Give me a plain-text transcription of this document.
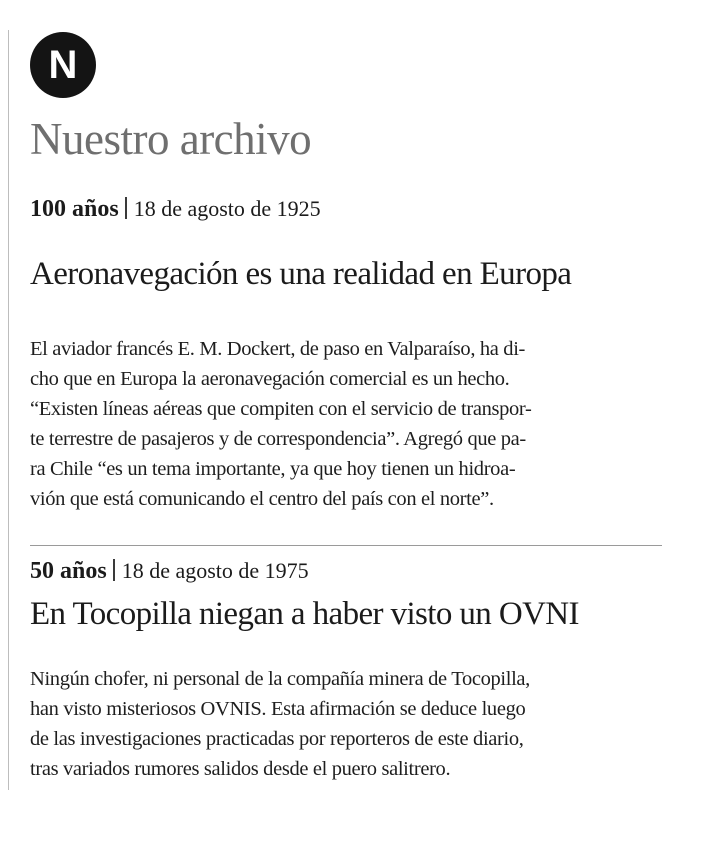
N
Nuestro archivo
100 años 18 de agosto de 1925
Aeronavegación es una realidad en Europa
El aviador francés E. M. Dockert, de paso en Valparaíso, ha di-
cho que en Europa la aeronavegación comercial es un hecho.
“Existen líneas aéreas que compiten con el servicio de transpor-
te terrestre de pasajeros y de correspondencia”. Agregó que pa-
ra Chile “es un tema importante, ya que hoy tienen un hidroa-
vión que está comunicando el centro del país con el norte”.
50 años 18 de agosto de 1975
En Tocopilla niegan a haber visto un OVNI
Ningún chofer, ni personal de la compañía minera de Tocopilla,
han visto misteriosos OVNIS. Esta afirmación se deduce luego
de las investigaciones practicadas por reporteros de este diario,
tras variados rumores salidos desde el puero salitrero.
